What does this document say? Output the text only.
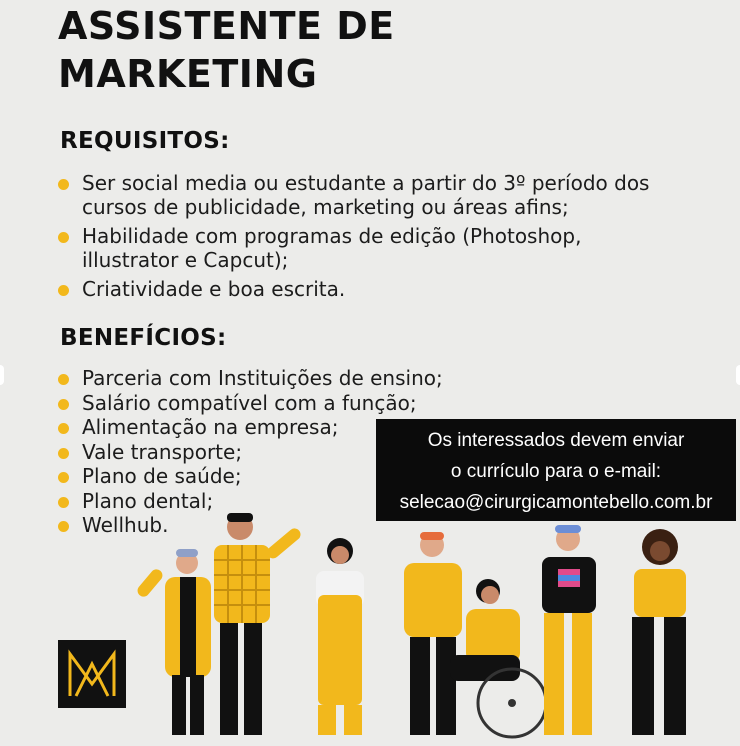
ASSISTENTE DE
MARKETING
REQUISITOS:
Ser social media ou estudante a partir do 3º período dos
cursos de publicidade, marketing ou áreas afins;
Habilidade com programas de edição (Photoshop,
illustrator e Capcut);
Criatividade e boa escrita.
BENEFÍCIOS:
Parceria com Instituições de ensino;
Salário compatível com a função;
Alimentação na empresa;
Vale transporte;
Plano de saúde;
Plano dental;
Wellhub.
Os interessados devem enviar
o currículo para o e-mail:
selecao@cirurgicamontebello.com.br
